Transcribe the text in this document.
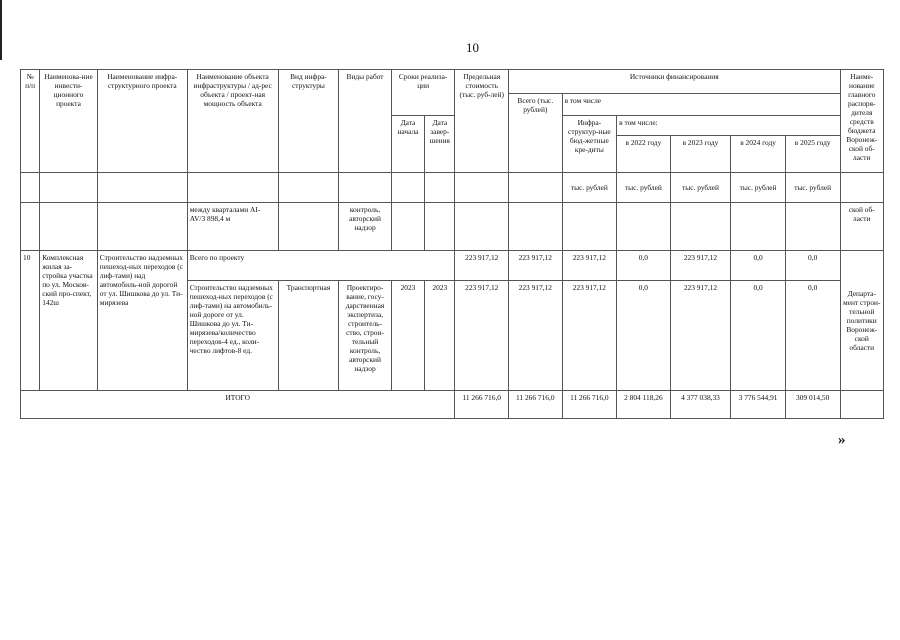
10
№ п/п	Наименова-ние инвести-ционного проекта	Наименование инфра-структурного проекта	Наименование объекта инфраструктуры / ад-рес объекта / проект-ная мощность объекта	Вид инфра-структуры	Виды работ	Сроки реализа-ции		Предельная стоимость (тыс. руб-лей)	Источники финансирования						Наиме-нование главного распоря-дителя средств бюджета Воронеж-ской об-ласти
									Всего (тыс. рублей)	в том числе					
						Дата начала	Дата завер-шения			Инфра-структур-ные бюд-жетные кре-диты	в том числе:				
											в 2022 году	в 2023 году	в 2024 году	в 2025 году	
										тыс. рублей	тыс. рублей	тыс. рублей	тыс. рублей	тыс. рублей	
			между кварталами AI-AV/3 898,4 м		контроль, авторский надзор										ской об-ласти
10	Комплексная жилая за-стройка участка по ул. Москов-ский про-спект, 142ш	Строительство надземных пешеход-ных переходов (с лиф-тами) над автомобиль-ной дорогой от ул. Шишкова до ул. Ти-мирязева	Всего по проекту					223 917,12	223 917,12	223 917,12	0,0	223 917,12	0,0	0,0	Департа-мент строи-тельной политики Воронеж-ской области
			Строительство надземных пешеход-ных переходов (с лиф-тами) на автомобиль-ной дороге от ул. Шишкова до ул. Ти-мирязева/количество переходов-4 ед., коли-чество лифтов-8 ед.	Транспортная	Проектиро-вание, госу-дарственная экспертиза, строитель-ство, строи-тельный контроль, авторский надзор	2023	2023	223 917,12	223 917,12	223 917,12	0,0	223 917,12	0,0	0,0	
ИТОГО								11 266 716,0	11 266 716,0	11 266 716,0	2 804 118,26	4 377 038,33	3 776 544,91	309 014,50	
»
